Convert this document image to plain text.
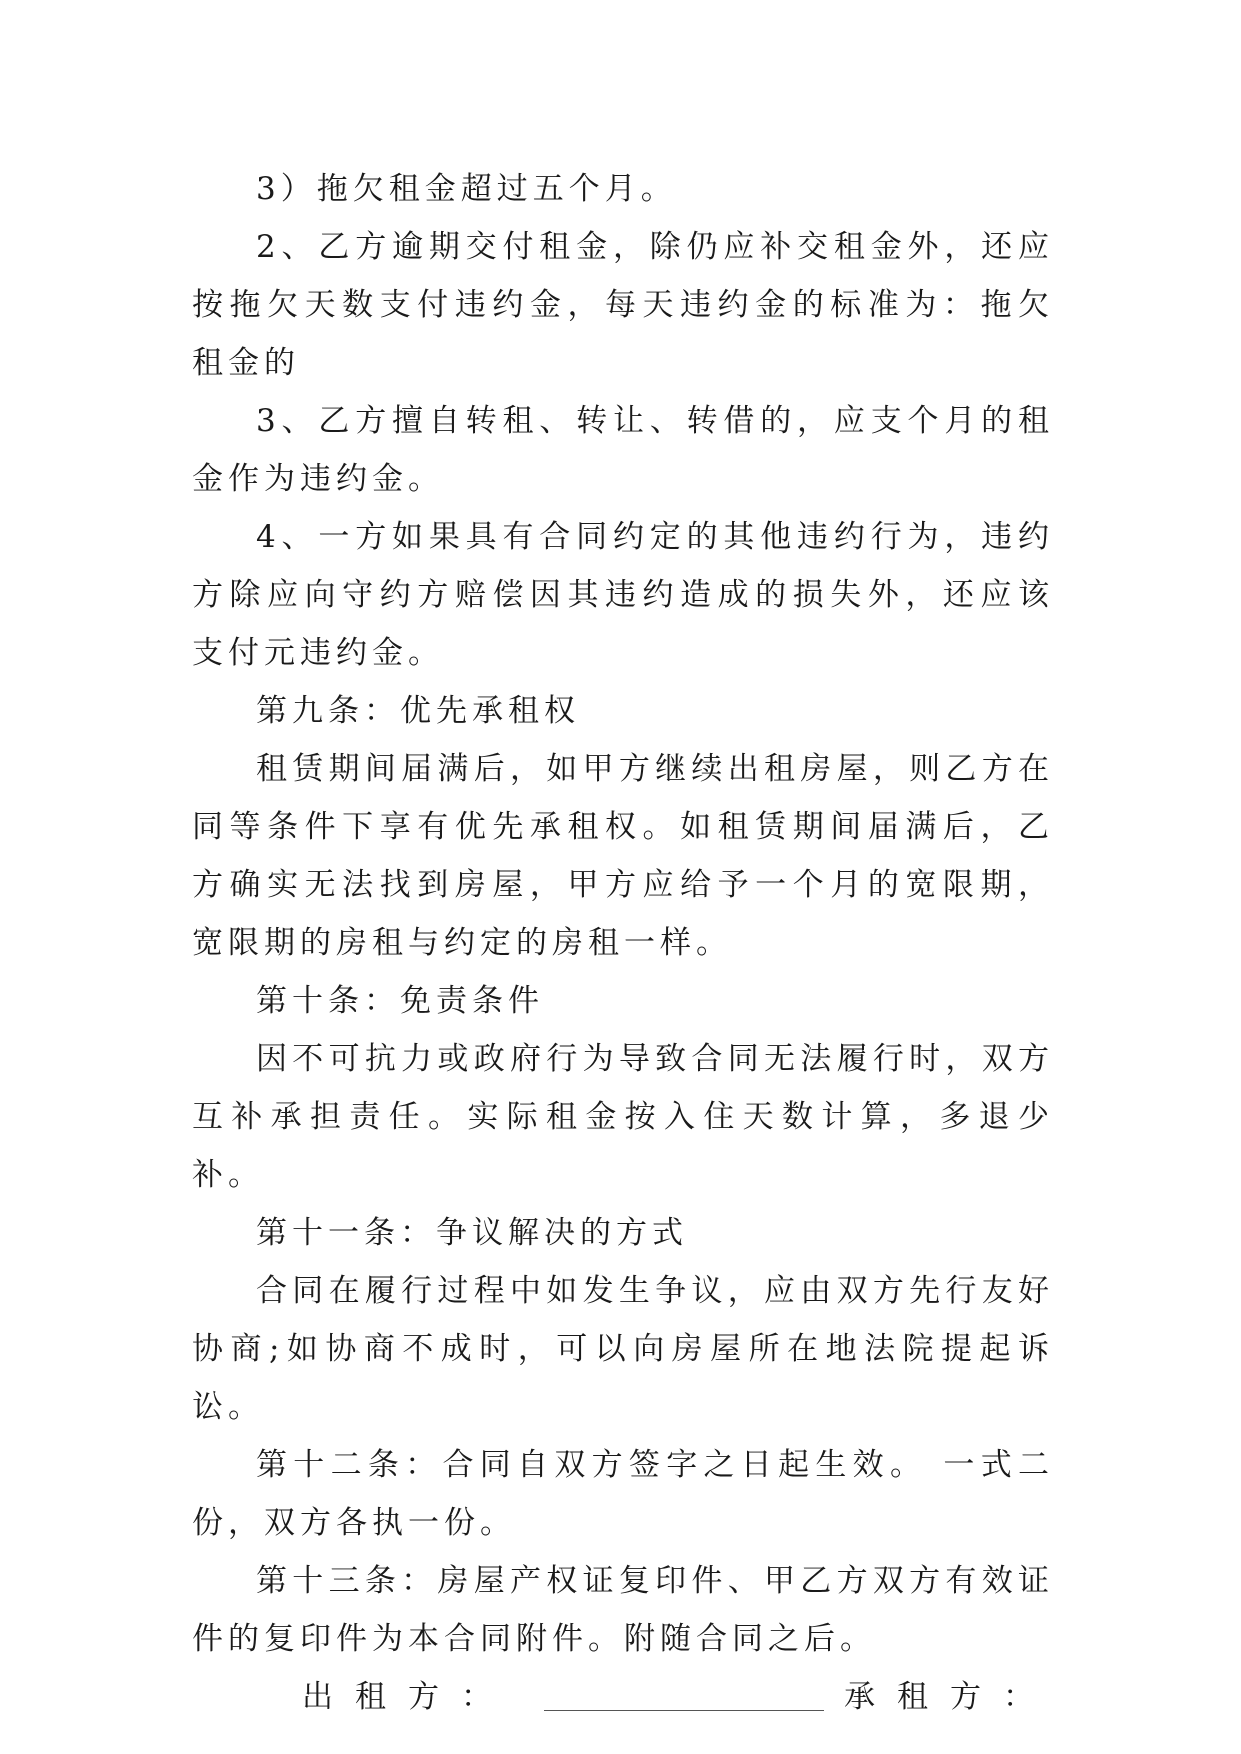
3）拖欠租金超过五个月。

2、乙方逾期交付租金，除仍应补交租金外，还应按拖欠天数支付违约金，每天违约金的标准为：拖欠租金的

3、乙方擅自转租、转让、转借的，应支个月的租金作为违约金。

4、一方如果具有合同约定的其他违约行为，违约方除应向守约方赔偿因其违约造成的损失外，还应该支付元违约金。

第九条：优先承租权

租赁期间届满后，如甲方继续出租房屋，则乙方在同等条件下享有优先承租权。如租赁期间届满后，乙方确实无法找到房屋，甲方应给予一个月的宽限期，宽限期的房租与约定的房租一样。

第十条：免责条件

因不可抗力或政府行为导致合同无法履行时，双方互补承担责任。实际租金按入住天数计算，多退少补。

第十一条：争议解决的方式

合同在履行过程中如发生争议，应由双方先行友好协商;如协商不成时，可以向房屋所在地法院提起诉讼。

第十二条：合同自双方签字之日起生效。 一式二份，双方各执一份。

第十三条：房屋产权证复印件、甲乙方双方有效证件的复印件为本合同附件。附随合同之后。

出租方：	承租方：
